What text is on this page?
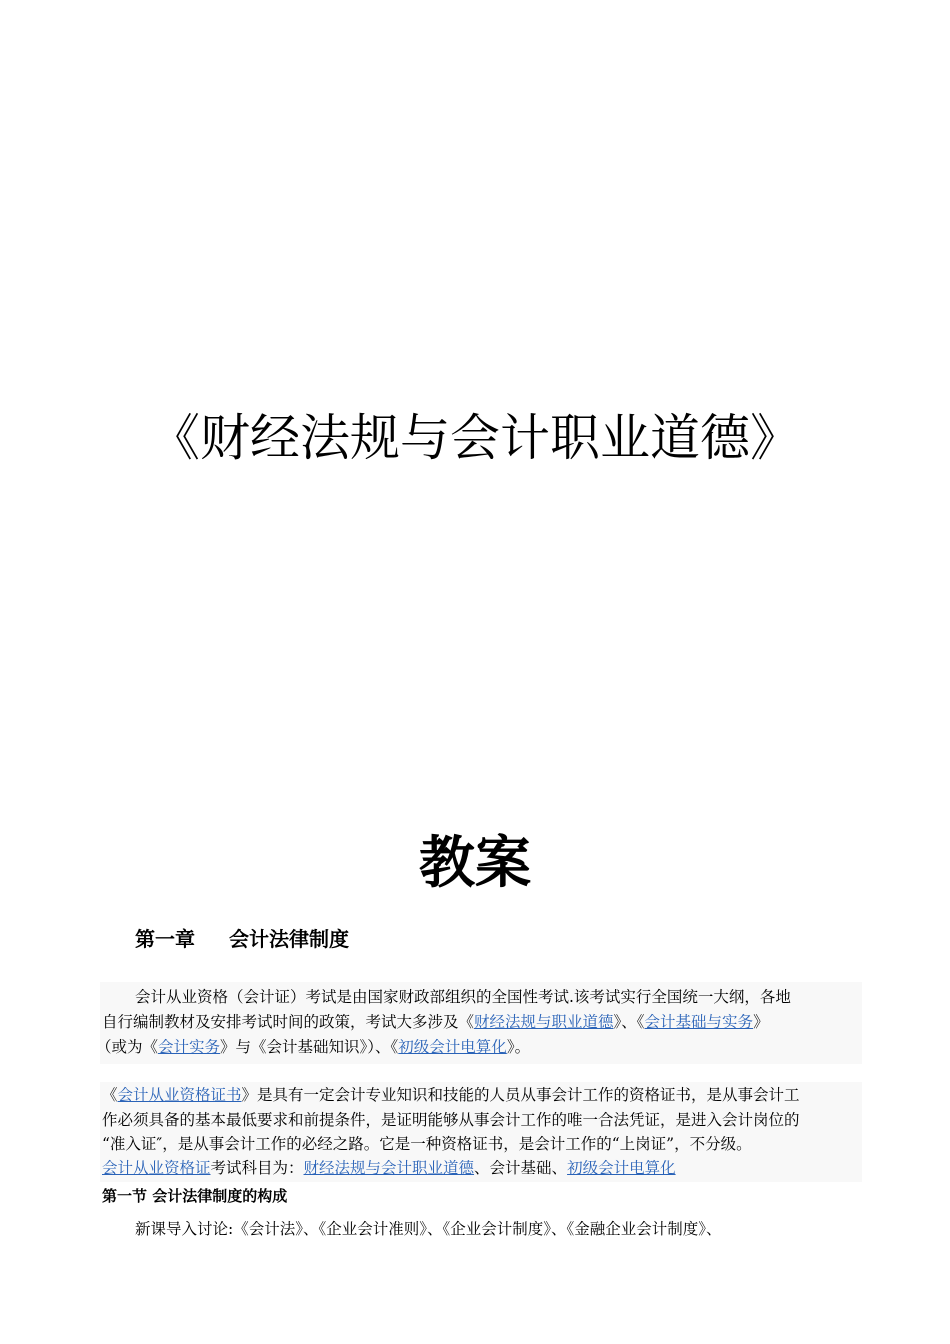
《财经法规与会计职业道德》
教案
第一章 会计法律制度
会计从业资格（会计证）考试是由国家财政部组织的全国性考试.该考试实行全国统一大纲，各地
自行编制教材及安排考试时间的政策，考试大多涉及《财经法规与职业道德》、《会计基础与实务》
（或为《会计实务》与《会计基础知识》）、《初级会计电算化》。
《会计从业资格证书》是具有一定会计专业知识和技能的人员从事会计工作的资格证书，是从事会计工
作必须具备的基本最低要求和前提条件，是证明能够从事会计工作的唯一合法凭证，是进入会计岗位的
“准入证″，是从事会计工作的必经之路。它是一种资格证书，是会计工作的“上岗证”，不分级。
会计从业资格证考试科目为：财经法规与会计职业道德、会计基础、初级会计电算化
第一节 会计法律制度的构成
新课导入讨论:《会计法》、《企业会计准则》、《企业会计制度》、《金融企业会计制度》、
